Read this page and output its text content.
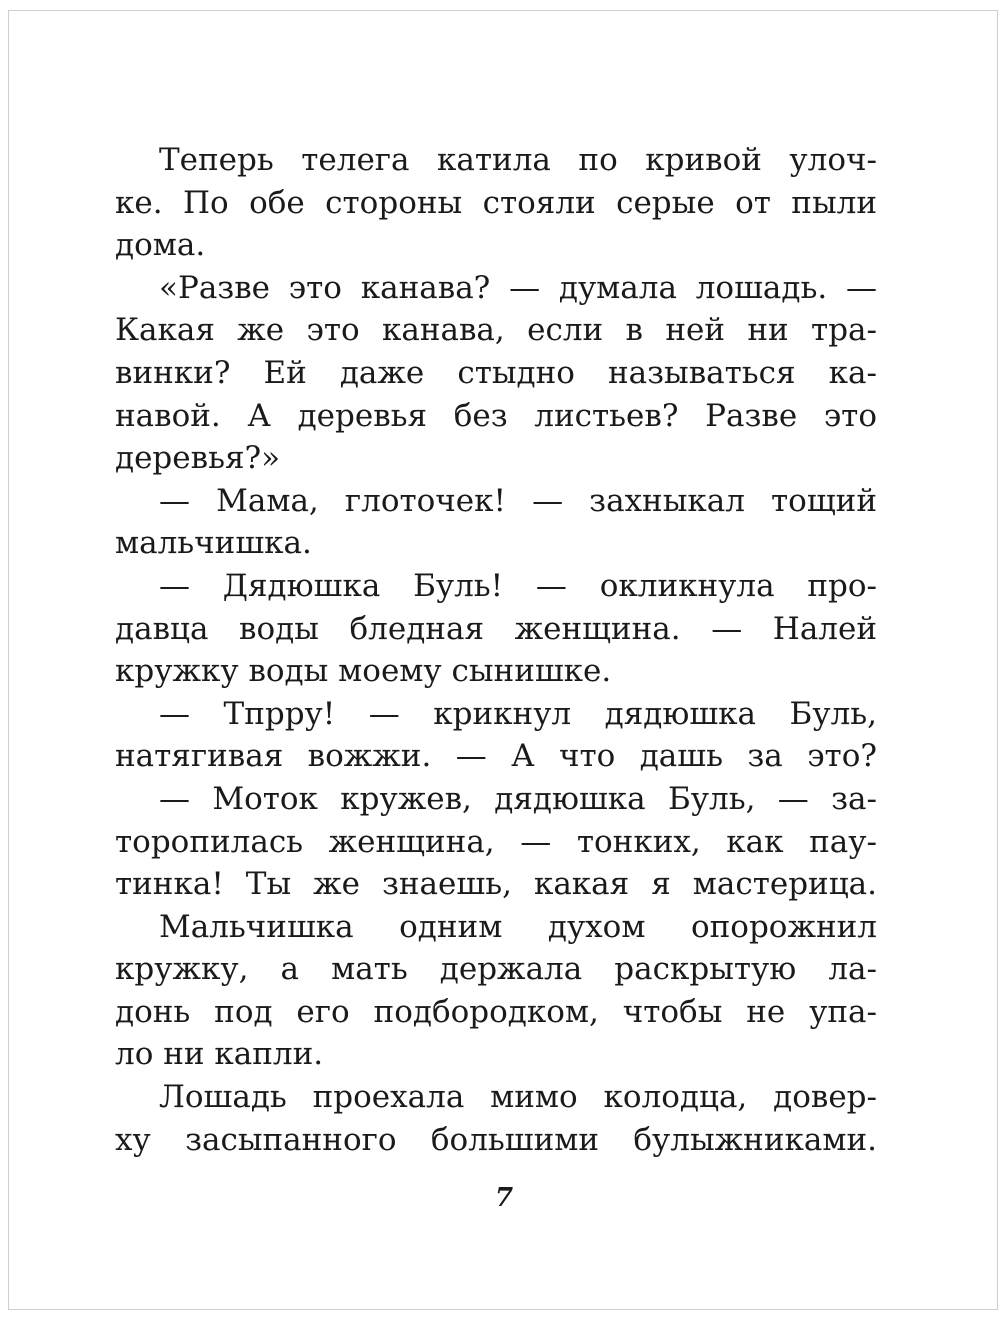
Теперь телега катила по кривой улоч-
ке. По обе стороны стояли серые от пыли
дома.
«Разве это канава? — думала лошадь. —
Какая же это канава, если в ней ни тра-
винки? Ей даже стыдно называться ка-
навой. А деревья без листьев? Разве это
деревья?»
— Мама, глоточек! — захныкал тощий
мальчишка.
— Дядюшка Буль! — окликнула про-
давца воды бледная женщина. — Налей
кружку воды моему сынишке.
— Тпрру! — крикнул дядюшка Буль,
натягивая вожжи. — А что дашь за это?
— Моток кружев, дядюшка Буль, — за-
торопилась женщина, — тонких, как пау-
тинка! Ты же знаешь, какая я мастерица.
Мальчишка одним духом опорожнил
кружку, а мать держала раскрытую ла-
донь под его подбородком, чтобы не упа-
ло ни капли.
Лошадь проехала мимо колодца, довер-
ху засыпанного большими булыжниками.
7
